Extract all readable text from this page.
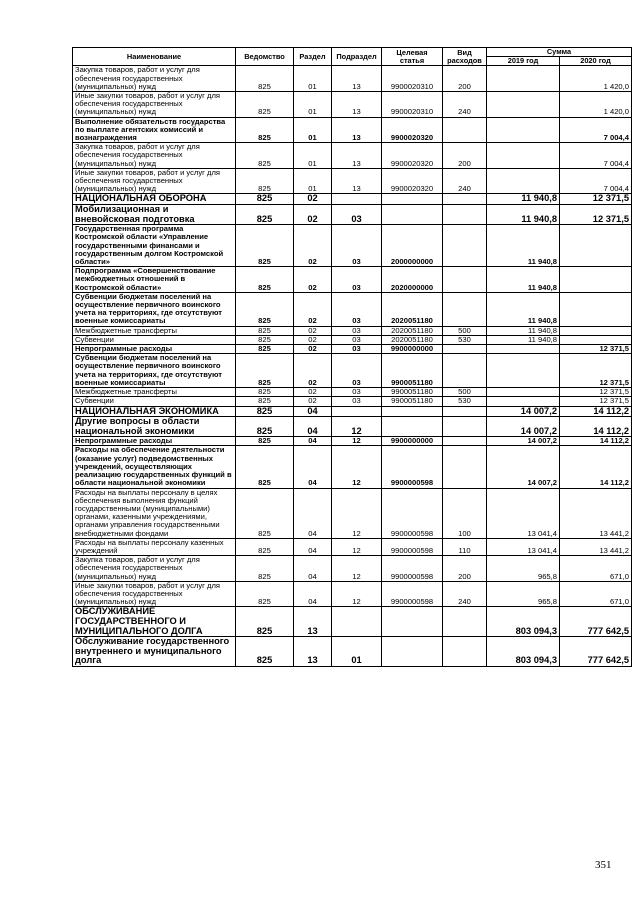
Наименование	Ведомство	Раздел	Подраздел	Целевая статья	Вид расходов	Сумма	
						2019 год	2020 год
Закупка товаров, работ и услуг для обеспечения государственных (муниципальных) нужд	825	01	13	9900020310	200		1 420,0
Иные закупки товаров, работ и услуг для обеспечения государственных (муниципальных) нужд	825	01	13	9900020310	240		1 420,0
Выполнение обязательств государства по выплате агентских комиссий и вознаграждения	825	01	13	9900020320			7 004,4
Закупка товаров, работ и услуг для обеспечения государственных (муниципальных) нужд	825	01	13	9900020320	200		7 004,4
Иные закупки товаров, работ и услуг для обеспечения государственных (муниципальных) нужд	825	01	13	9900020320	240		7 004,4
НАЦИОНАЛЬНАЯ ОБОРОНА	825	02				11 940,8	12 371,5
Мобилизационная и вневойсковая подготовка	825	02	03			11 940,8	12 371,5
Государственная программа Костромской области «Управление государственными финансами и государственным долгом Костромской области»	825	02	03	2000000000		11 940,8	
Подпрограмма «Совершенствование межбюджетных отношений в Костромской области»	825	02	03	2020000000		11 940,8	
Субвенции бюджетам поселений на осуществление первичного воинского учета на территориях, где отсутствуют военные комиссариаты	825	02	03	2020051180		11 940,8	
Межбюджетные трансферты	825	02	03	2020051180	500	11 940,8	
Субвенции	825	02	03	2020051180	530	11 940,8	
Непрограммные расходы	825	02	03	9900000000			12 371,5
Субвенции бюджетам поселений на осуществление первичного воинского учета на территориях, где отсутствуют военные комиссариаты	825	02	03	9900051180			12 371,5
Межбюджетные трансферты	825	02	03	9900051180	500		12 371,5
Субвенции	825	02	03	9900051180	530		12 371,5
НАЦИОНАЛЬНАЯ ЭКОНОМИКА	825	04				14 007,2	14 112,2
Другие вопросы в области национальной экономики	825	04	12			14 007,2	14 112,2
Непрограммные расходы	825	04	12	9900000000		14 007,2	14 112,2
Расходы на обеспечение деятельности (оказание услуг) подведомственных учреждений, осуществляющих реализацию государственных функций в области национальной экономики	825	04	12	9900000598		14 007,2	14 112,2
Расходы на выплаты персоналу в целях обеспечения выполнения функций государственными (муниципальными) органами, казенными учреждениями, органами управления государственными внебюджетными фондами	825	04	12	9900000598	100	13 041,4	13 441,2
Расходы на выплаты персоналу казенных учреждений	825	04	12	9900000598	110	13 041,4	13 441,2
Закупка товаров, работ и услуг для обеспечения государственных (муниципальных) нужд	825	04	12	9900000598	200	965,8	671,0
Иные закупки товаров, работ и услуг для обеспечения государственных (муниципальных) нужд	825	04	12	9900000598	240	965,8	671,0
ОБСЛУЖИВАНИЕ ГОСУДАРСТВЕННОГО И МУНИЦИПАЛЬНОГО ДОЛГА	825	13				803 094,3	777 642,5
Обслуживание государственного внутреннего и муниципального долга	825	13	01			803 094,3	777 642,5
351
